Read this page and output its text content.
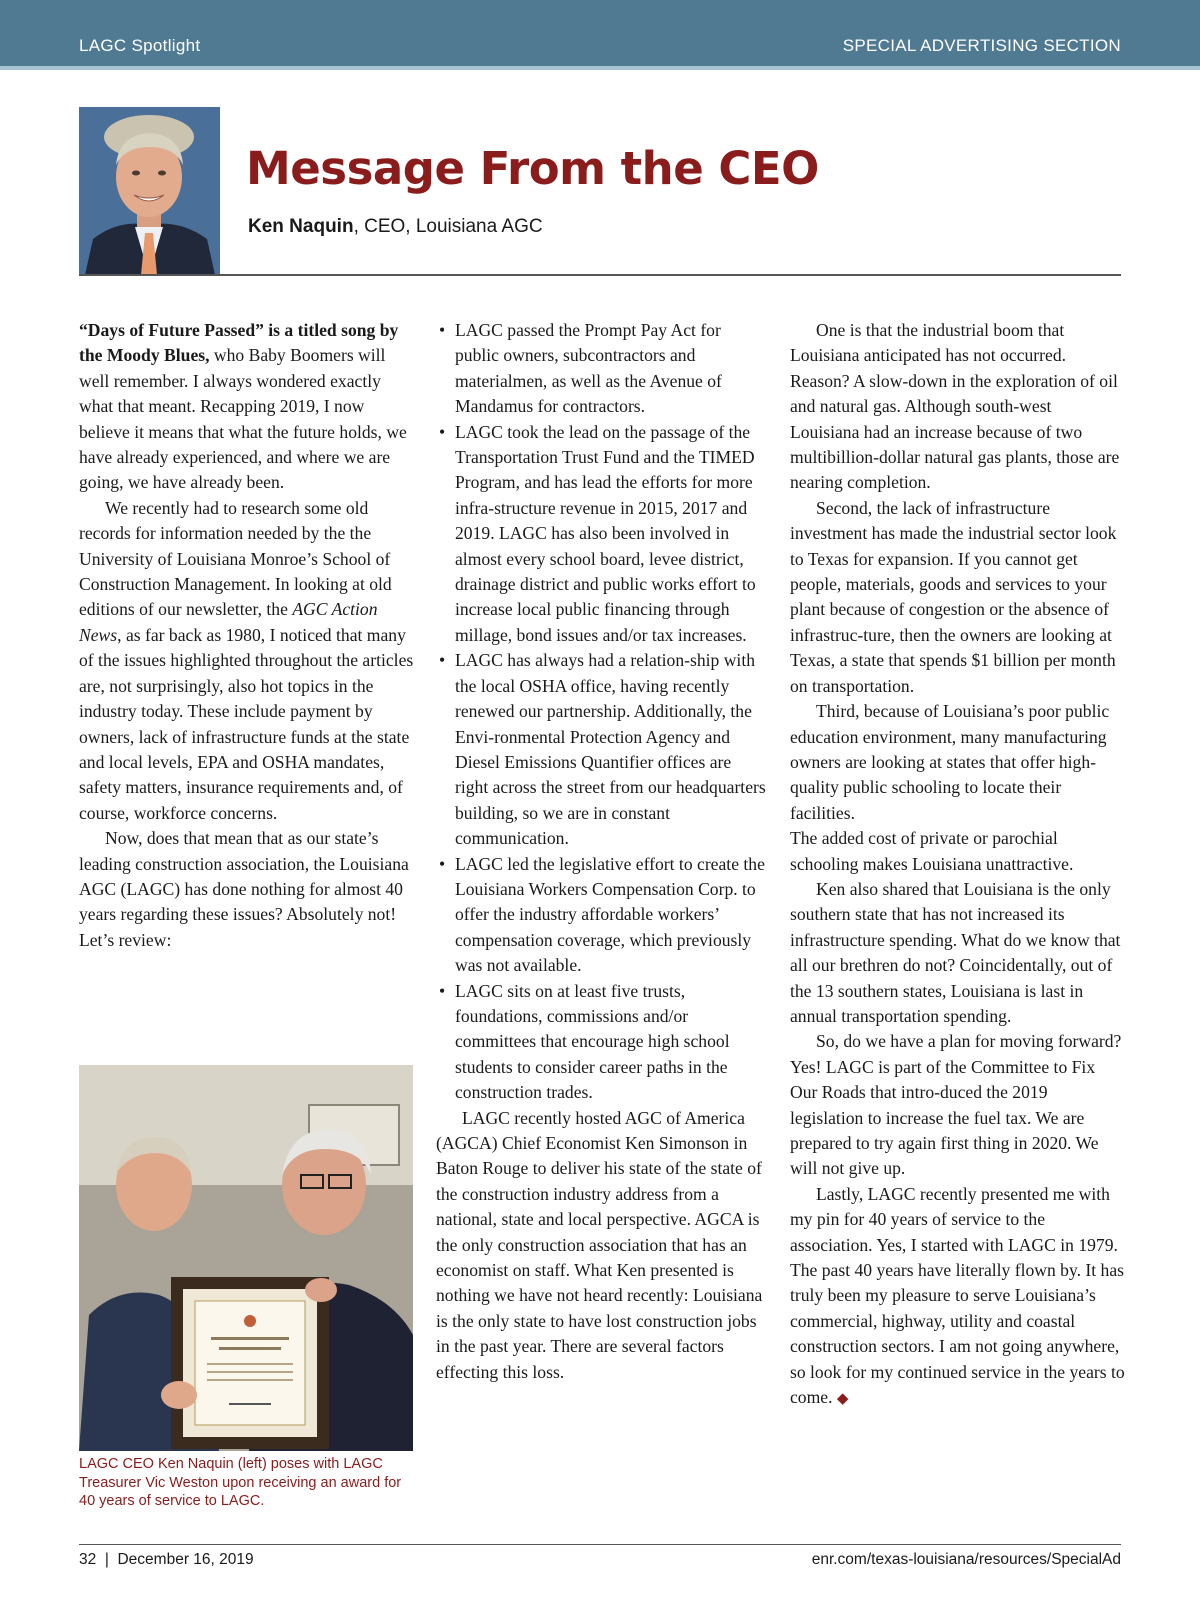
LAGC Spotlight	SPECIAL ADVERTISING SECTION
Message From the CEO
Ken Naquin, CEO, Louisiana AGC

“Days of Future Passed” is a titled song by the Moody Blues, who Baby Boomers will well remember. I always wondered exactly what that meant. Recapping 2019, I now believe it means that what the future holds, we have already experienced, and where we are going, we have already been.

We recently had to research some old records for information needed by the the University of Louisiana Monroe’s School of Construction Management. In looking at old editions of our newsletter, the AGC Action News, as far back as 1980, I noticed that many of the issues highlighted throughout the articles are, not surprisingly, also hot topics in the industry today. These include payment by owners, lack of infrastructure funds at the state and local levels, EPA and OSHA mandates, safety matters, insurance requirements and, of course, workforce concerns.

Now, does that mean that as our state’s leading construction association, the Louisiana AGC (LAGC) has done nothing for almost 40 years regarding these issues? Absolutely not! Let’s review:

LAGC CEO Ken Naquin (left) poses with LAGC Treasurer Vic Weston upon receiving an award for 40 years of service to LAGC.
• LAGC passed the Prompt Pay Act for public owners, subcontractors and materialmen, as well as the Avenue of Mandamus for contractors.
• LAGC took the lead on the passage of the Transportation Trust Fund and the TIMED Program, and has lead the efforts for more infra-structure revenue in 2015, 2017 and 2019. LAGC has also been involved in almost every school board, levee district, drainage district and public works effort to increase local public financing through millage, bond issues and/or tax increases.
• LAGC has always had a relation-ship with the local OSHA office, having recently renewed our partnership. Additionally, the Envi-ronmental Protection Agency and Diesel Emissions Quantifier offices are right across the street from our headquarters building, so we are in constant communication.
• LAGC led the legislative effort to create the Louisiana Workers Compensation Corp. to offer the industry affordable workers’ compensation coverage, which previously was not available.
• LAGC sits on at least five trusts, foundations, commissions and/or committees that encourage high school students to consider career paths in the construction trades.

LAGC recently hosted AGC of America (AGCA) Chief Economist Ken Simonson in Baton Rouge to deliver his state of the state of the construction industry address from a national, state and local perspective. AGCA is the only construction association that has an economist on staff. What Ken presented is nothing we have not heard recently: Louisiana is the only state to have lost construction jobs in the past year. There are several factors effecting this loss.

One is that the industrial boom that Louisiana anticipated has not occurred. Reason? A slow-down in the exploration of oil and natural gas. Although south-west Louisiana had an increase because of two multibillion-dollar natural gas plants, those are nearing completion.

Second, the lack of infrastructure investment has made the industrial sector look to Texas for expansion. If you cannot get people, materials, goods and services to your plant because of congestion or the absence of infrastruc-ture, then the owners are looking at Texas, a state that spends $1 billion per month on transportation.

Third, because of Louisiana’s poor public education environment, many manufacturing owners are looking at states that offer high-quality public schooling to locate their facilities.

The added cost of private or parochial schooling makes Louisiana unattractive.

Ken also shared that Louisiana is the only southern state that has not increased its infrastructure spending. What do we know that all our brethren do not? Coincidentally, out of the 13 southern states, Louisiana is last in annual transportation spending.

So, do we have a plan for moving forward? Yes! LAGC is part of the Committee to Fix Our Roads that intro-duced the 2019 legislation to increase the fuel tax. We are prepared to try again first thing in 2020. We will not give up.

Lastly, LAGC recently presented me with my pin for 40 years of service to the association. Yes, I started with LAGC in 1979. The past 40 years have literally flown by. It has truly been my pleasure to serve Louisiana’s commercial, highway, utility and coastal construction sectors. I am not going anywhere, so look for my continued service in the years to come. ◆

32  |  December 16, 2019	enr.com/texas-louisiana/resources/SpecialAd
